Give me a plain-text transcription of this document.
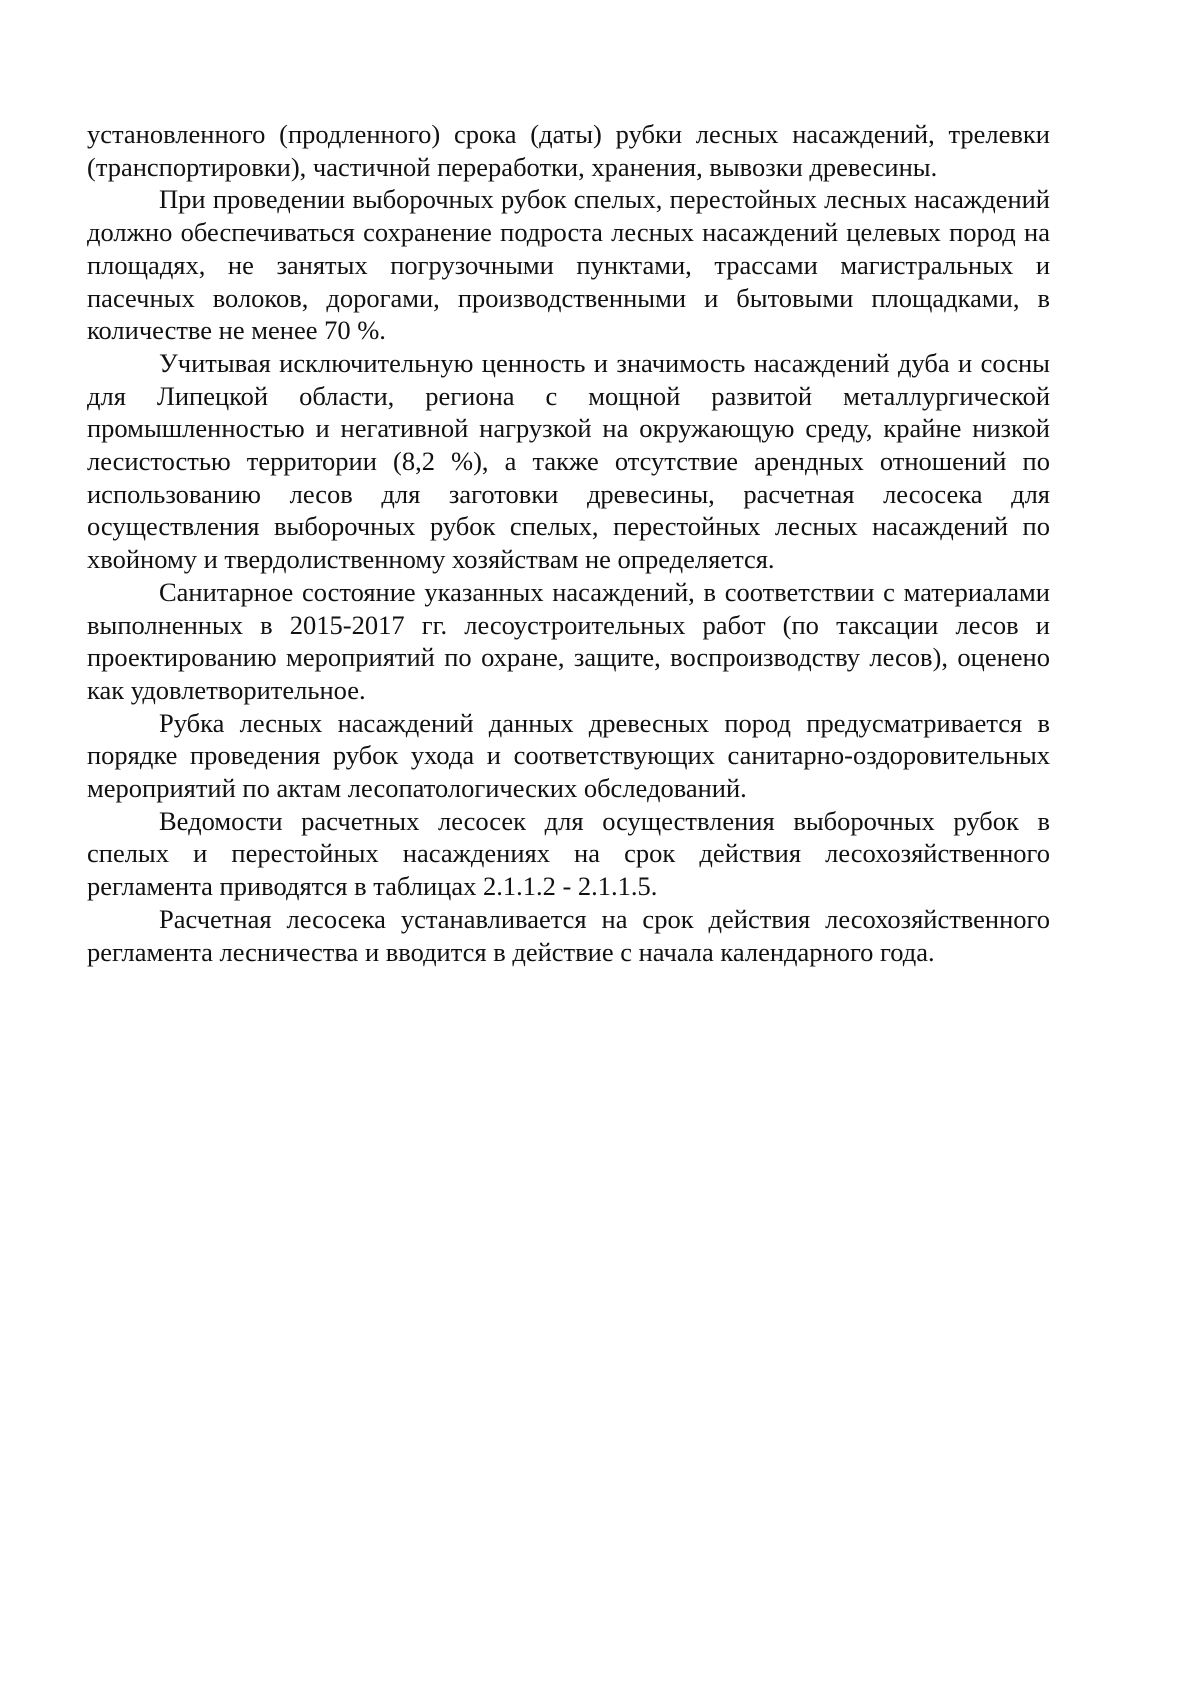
установленного (продленного) срока (даты) рубки лесных насаждений, трелевки (транспортировки), частичной переработки, хранения, вывозки древесины.

При проведении выборочных рубок спелых, перестойных лесных насаждений должно обеспечиваться сохранение подроста лесных насаждений целевых пород на площадях, не занятых погрузочными пунктами, трассами магистральных и пасечных волоков, дорогами, производственными и бытовыми площадками, в количестве не менее 70 %.

Учитывая исключительную ценность и значимость насаждений дуба и сосны для Липецкой области, региона с мощной развитой металлургической промышленностью и негативной нагрузкой на окружающую среду, крайне низкой лесистостью территории (8,2 %), а также отсутствие арендных отношений по использованию лесов для заготовки древесины, расчетная лесосека для осуществления выборочных рубок спелых, перестойных лесных насаждений по хвойному и твердолиственному хозяйствам не определяется.

Санитарное состояние указанных насаждений, в соответствии с материалами выполненных в 2015-2017 гг. лесоустроительных работ (по таксации лесов и проектированию мероприятий по охране, защите, воспроизводству лесов), оценено как удовлетворительное.

Рубка лесных насаждений данных древесных пород предусматривается в порядке проведения рубок ухода и соответствующих санитарно-оздоровительных мероприятий по актам лесопатологических обследований.

Ведомости расчетных лесосек для осуществления выборочных рубок в спелых и перестойных насаждениях на срок действия лесохозяйственного регламента приводятся в таблицах 2.1.1.2 - 2.1.1.5.

Расчетная лесосека устанавливается на срок действия лесохозяйственного регламента лесничества и вводится в действие с начала календарного года.
